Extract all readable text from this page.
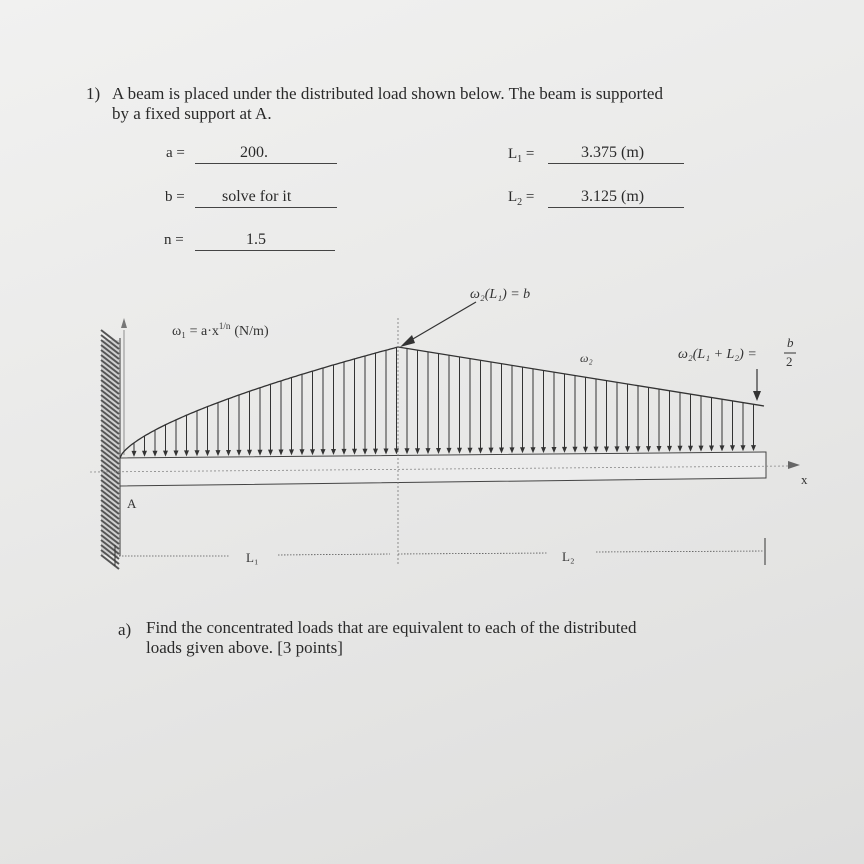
1) A beam is placed under the distributed load shown below. The beam is supported
by a fixed support at A.
a =	200.
b = solve for it
n =	1.5
$L_1$ =	3.375 (m)
$L_2$ =	3.125 (m)
ω₂(L₁) = b
$\omega_1 = a\cdot x^{1/n}$ (N/m)
ω₂	ω₂(L₁ + L₂) =
b
2
A
x
L₁	L₂
a) Find the concentrated loads that are equivalent to each of the distributed
loads given above. [3 points]
